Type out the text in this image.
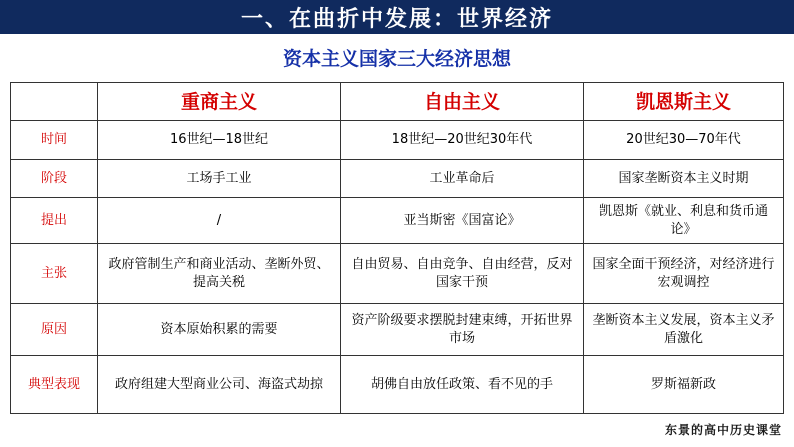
一、在曲折中发展：世界经济
资本主义国家三大经济思想
	重商主义	自由主义	凯恩斯主义
时间	16世纪—18世纪	18世纪—20世纪30年代	20世纪30—70年代
阶段	工场手工业	工业革命后	国家垄断资本主义时期
提出	/	亚当斯密《国富论》	凯恩斯《就业、利息和货币通论》
主张	政府管制生产和商业活动、垄断外贸、提高关税	自由贸易、自由竞争、自由经营，反对国家干预	国家全面干预经济，对经济进行宏观调控
原因	资本原始积累的需要	资产阶级要求摆脱封建束缚，开拓世界市场	垄断资本主义发展，资本主义矛盾激化
典型表现	政府组建大型商业公司、海盗式劫掠	胡佛自由放任政策、看不见的手	罗斯福新政
东景的高中历史课堂
